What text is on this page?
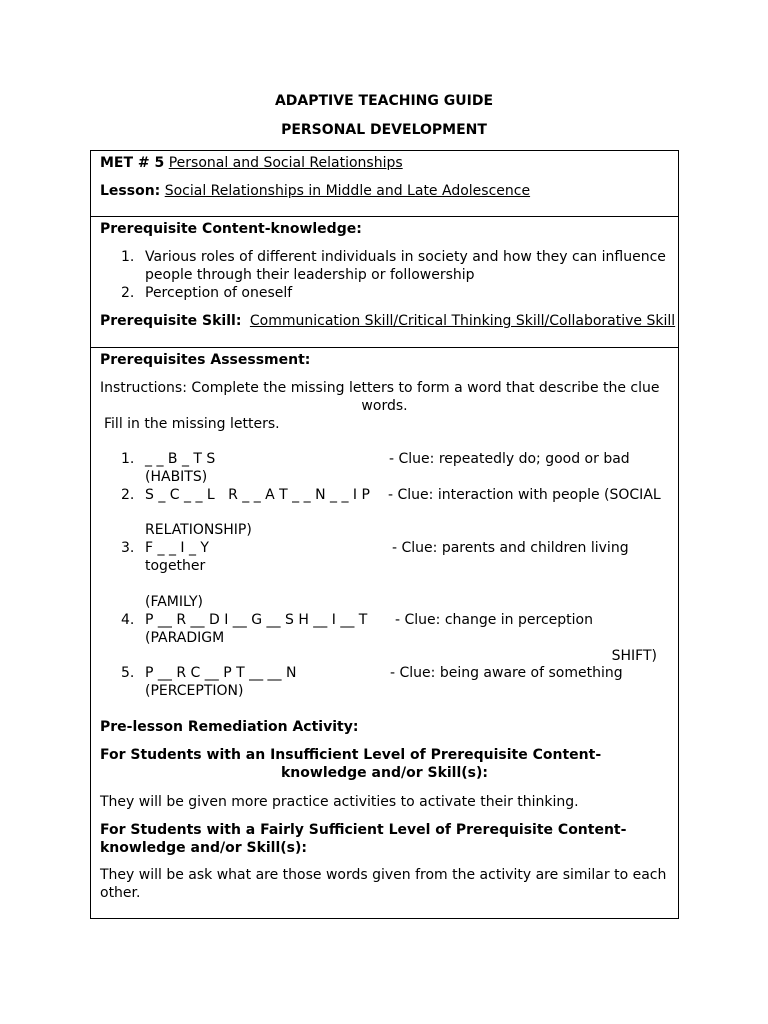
ADAPTIVE TEACHING GUIDE
PERSONAL DEVELOPMENT
MET # 5 Personal and Social Relationships
Lesson: Social Relationships in Middle and Late Adolescence
Prerequisite Content-knowledge:
1. Various roles of different individuals in society and how they can influence
people through their leadership or followership
2. Perception of oneself
Prerequisite Skill: Communication Skill/Critical Thinking Skill/Collaborative Skill
Prerequisites Assessment:
Instructions: Complete the missing letters to form a word that describe the clue
words.
Fill in the missing letters.
1. _ _ B _ T S	- Clue: repeatedly do; good or bad
(HABITS)
2. S _ C _ _ L   R _ _ A T _ _ N _ _ I P - Clue: interaction with people (SOCIAL
RELATIONSHIP)
3. F _ _ I _ Y	- Clue: parents and children living
together
(FAMILY)
4. P __ R __ D I __ G __ S H __ I __ T - Clue: change in perception
(PARADIGM
SHIFT)
5. P __ R C __ P T __ __ N	- Clue: being aware of something
(PERCEPTION)
Pre-lesson Remediation Activity:
For Students with an Insufficient Level of Prerequisite Content-
knowledge and/or Skill(s):
They will be given more practice activities to activate their thinking.
For Students with a Fairly Sufficient Level of Prerequisite Content-
knowledge and/or Skill(s):
They will be ask what are those words given from the activity are similar to each
other.
